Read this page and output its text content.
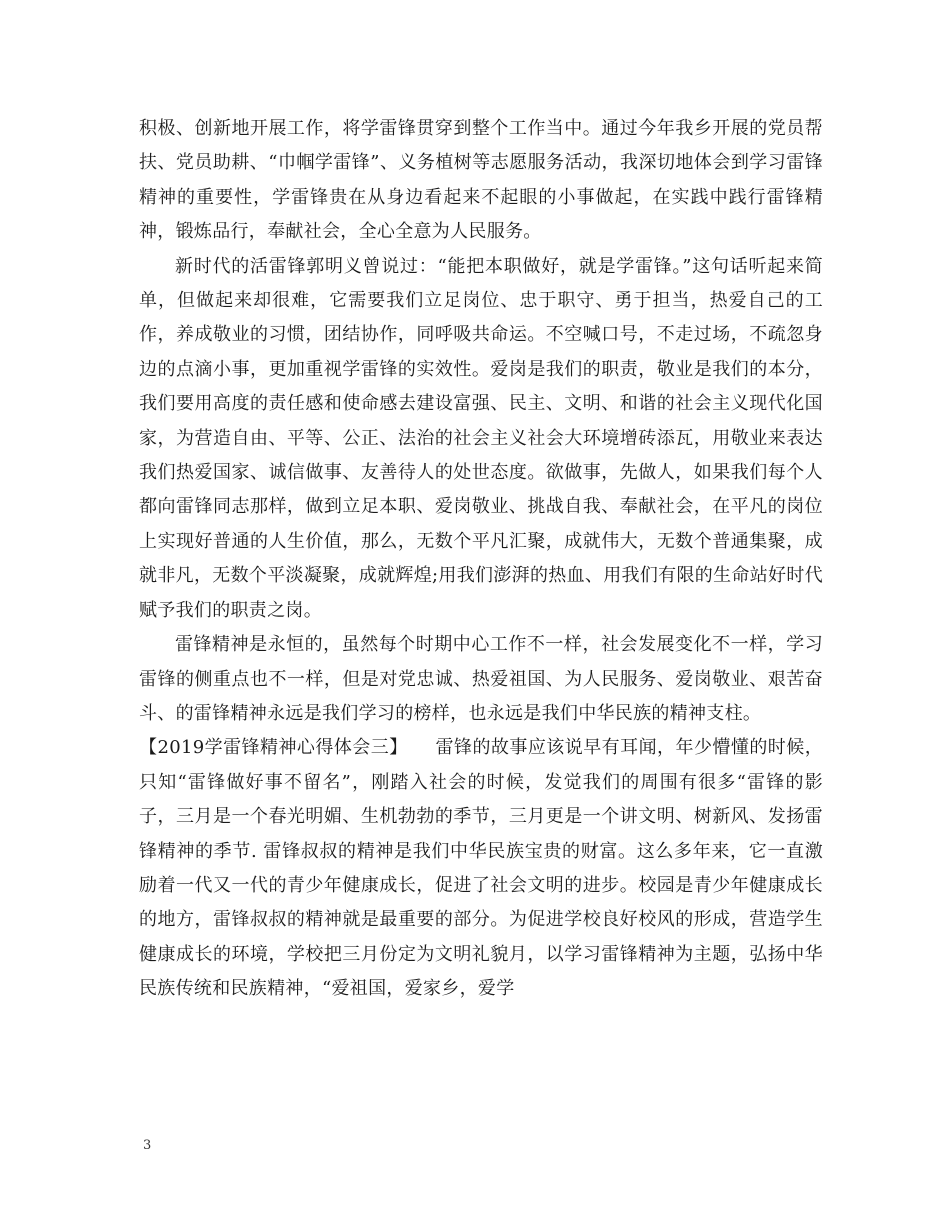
积极、创新地开展工作，将学雷锋贯穿到整个工作当中。通过今年我乡开展的党员帮扶、党员助耕、“巾帼学雷锋”、义务植树等志愿服务活动，我深切地体会到学习雷锋精神的重要性，学雷锋贵在从身边看起来不起眼的小事做起，在实践中践行雷锋精神，锻炼品行，奉献社会，全心全意为人民服务。

新时代的活雷锋郭明义曾说过：“能把本职做好，就是学雷锋。”这句话听起来简单，但做起来却很难，它需要我们立足岗位、忠于职守、勇于担当，热爱自己的工作，养成敬业的习惯，团结协作，同呼吸共命运。不空喊口号，不走过场，不疏忽身边的点滴小事，更加重视学雷锋的实效性。爱岗是我们的职责，敬业是我们的本分，我们要用高度的责任感和使命感去建设富强、民主、文明、和谐的社会主义现代化国家，为营造自由、平等、公正、法治的社会主义社会大环境增砖添瓦，用敬业来表达我们热爱国家、诚信做事、友善待人的处世态度。欲做事，先做人，如果我们每个人都向雷锋同志那样，做到立足本职、爱岗敬业、挑战自我、奉献社会，在平凡的岗位上实现好普通的人生价值，那么，无数个平凡汇聚，成就伟大，无数个普通集聚，成就非凡，无数个平淡凝聚，成就辉煌;用我们澎湃的热血、用我们有限的生命站好时代赋予我们的职责之岗。

雷锋精神是永恒的，虽然每个时期中心工作不一样，社会发展变化不一样，学习雷锋的侧重点也不一样，但是对党忠诚、热爱祖国、为人民服务、爱岗敬业、艰苦奋斗、的雷锋精神永远是我们学习的榜样，也永远是我们中华民族的精神支柱。

【2019学雷锋精神心得体会三】　　雷锋的故事应该说早有耳闻，年少懵懂的时候，只知“雷锋做好事不留名”，刚踏入社会的时候，发觉我们的周围有很多“雷锋的影子，三月是一个春光明媚、生机勃勃的季节，三月更是一个讲文明、树新风、发扬雷锋精神的季节. 雷锋叔叔的精神是我们中华民族宝贵的财富。这么多年来，它一直激励着一代又一代的青少年健康成长，促进了社会文明的进步。校园是青少年健康成长的地方，雷锋叔叔的精神就是最重要的部分。为促进学校良好校风的形成，营造学生健康成长的环境，学校把三月份定为文明礼貌月，以学习雷锋精神为主题，弘扬中华民族传统和民族精神，“爱祖国，爱家乡，爱学

3
